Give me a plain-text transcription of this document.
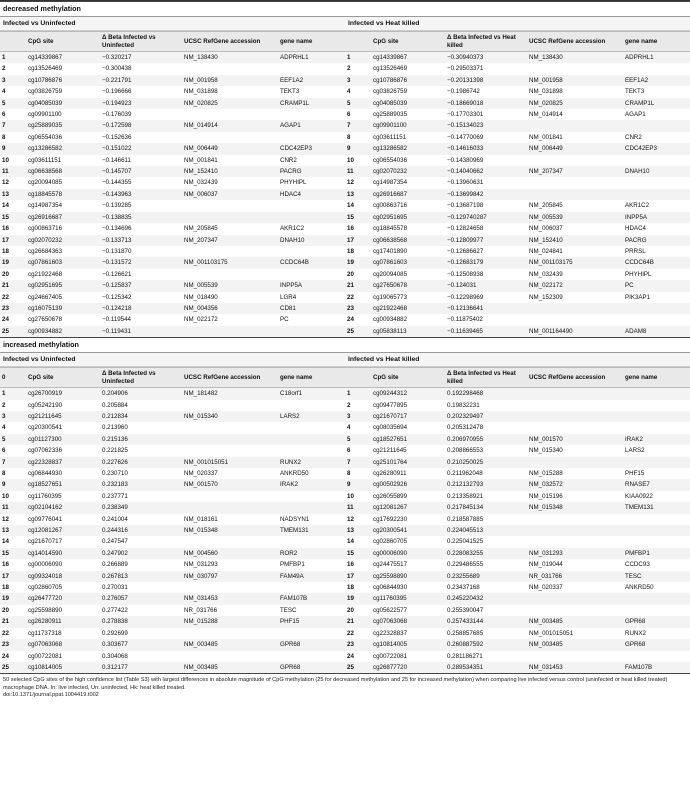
decreased methylation
Infected vs Uninfected	Infected vs Heat killed
	CpG site	Δ Beta Infected vs Uninfected	UCSC RefGene accession	gene name
1	cg14339867	−0.320217	NM_138430	ADPRHL1
2	cg13526469	−0.300438		
3	cg10786876	−0.221791	NM_001958	EEF1A2
4	cg03826759	−0.196666	NM_031898	TEKT3
5	cg04085039	−0.194923	NM_020825	CRAMP1L
6	cg09901100	−0.176039		
7	cg25889035	−0.172598	NM_014914	AGAP1
8	cg06554036	−0.152636		
9	cg13286582	−0.151022	NM_006449	CDC42EP3
10	cg03611151	−0.146611	NM_001841	CNR2
11	cg06638568	−0.145707	NM_152410	PACRG
12	cg20094085	−0.144355	NM_032439	PHYHIPL
13	cg18845578	−0.143963	NM_006037	HDAC4
14	cg14987354	−0.139285		
15	cg26916687	−0.138835		
16	cg00863716	−0.134696	NM_205845	AKR1C2
17	cg02070232	−0.133713	NM_207347	DNAH10
18	cg26684363	−0.131870		
19	cg07861603	−0.131572	NM_001103175	CCDC64B
20	cg21922468	−0.126621		
21	cg02951695	−0.125837	NM_005539	INPP5A
22	cg24667405	−0.125342	NM_018490	LGR4
23	cg16075139	−0.124218	NM_004356	CD81
24	cg27650678	−0.119544	NM_022172	PC
25	cg00934882	−0.119431		
	CpG site	Δ Beta Infected vs Heat killed	UCSC RefGene accession	gene name
1	cg14339867	−0.30940373	NM_138430	ADPRHL1
2	cg13526469	−0.29503371		
3	cg10786876	−0.20131398	NM_001958	EEF1A2
4	cg03826759	−0.1986742	NM_031898	TEKT3
5	cg04085039	−0.18669018	NM_020825	CRAMP1L
6	cg25889035	−0.17703301	NM_014914	AGAP1
7	cg09901100	−0.15134023		
8	cg03611151	−0.14770069	NM_001841	CNR2
9	cg13286582	−0.14616033	NM_006449	CDC42EP3
10	cg06554036	−0.14380969		
11	cg02070232	−0.14040662	NM_207347	DNAH10
12	cg14987354	−0.13960631		
13	cg26916687	−0.13699842		
14	cg00863716	−0.13687198	NM_205845	AKR1C2
15	cg02951695	−0.129740287	NM_005539	INPP5A
16	cg18845578	−0.12824658	NM_006037	HDAC4
17	cg06638568	−0.12809977	NM_152410	PACRG
18	cg17401890	−0.12686627	NM_024841	PRRSL
19	cg07861603	−0.12683179	NM_001103175	CCDC64B
20	cg20094085	−0.12508938	NM_032439	PHYHIPL
21	cg27650678	−0.124031	NM_022172	PC
22	cg19065773	−0.12298969	NM_152309	PIK3AP1
23	cg21922468	−0.12136641		
24	cg00934882	−0.11875402		
25	cg05838113	−0.11639465	NM_001164490	ADAM8
increased methylation
Infected vs Uninfected	Infected vs Heat killed
0	CpG site	Δ Beta Infected vs Uninfected	UCSC RefGene accession	gene name
1	cg26700919	0.204906	NM_181482	C18orf1
2	cg05242190	0.205884		
3	cg21211645	0.212834	NM_015340	LARS2
4	cg20300541	0.213960		
5	cg01127300	0.215136		
6	cg07062336	0.221825		
7	cg22328837	0.227626	NM_001015051	RUNX2
8	cg06844930	0.230710	NM_020337	ANKRD50
9	cg18527651	0.232183	NM_001570	IRAK2
10	cg11760395	0.237771		
11	cg02104162	0.238349		
12	cg09776041	0.241004	NM_018161	NADSYN1
13	cg12081267	0.244316	NM_015348	TMEM131
14	cg21670717	0.247547		
15	cg14014590	0.247902	NM_004560	ROR2
16	cg00006090	0.266889	NM_031293	PMFBP1
17	cg09324018	0.267813	NM_030797	FAM49A
18	cg02860705	0.270031		
19	cg26477720	0.276057	NM_031453	FAM107B
20	cg25598890	0.277422	NR_031766	TESC
21	cg26280911	0.278838	NM_015288	PHF15
22	cg11737318	0.292699		
23	cg07063068	0.303677	NM_003485	GPR68
24	cg00722081	0.304068		
25	cg10814005	0.312177	NM_003485	GPR68
	CpG site	Δ Beta Infected vs Heat killed	UCSC RefGene accession	gene name
1	cg09244312	0.192298468		
2	cg09477895	0.19832231		
3	cg21670717	0.202329497		
4	cg08035694	0.205312478		
5	cg18527651	0.206970955	NM_001570	IRAK2
6	cg21211645	0.208866553	NM_015340	LARS2
7	cg25101764	0.210250025		
8	cg26280911	0.211962048	NM_015288	PHF15
9	cg00502926	0.212132793	NM_032572	RNASE7
10	cg26055899	0.213358921	NM_015196	KIAA0922
11	cg12081267	0.217845134	NM_015348	TMEM131
12	cg17692230	0.218587885		
13	cg20300541	0.224045513		
14	cg02860705	0.225041525		
15	cg00006090	0.228083255	NM_031293	PMFBP1
16	cg24475517	0.229486555	NM_019044	CCDC93
17	cg25598890	0.23255689	NR_031766	TESC
18	cg06844930	0.23437168	NM_020337	ANKRD50
19	cg11760395	0.245220432		
20	cg05622577	0.255390047		
21	cg07063068	0.257433144	NM_003485	GPR68
22	cg22328837	0.258857685	NM_001015051	RUNX2
23	cg10814005	0.260887592	NM_003485	GPR68
24	cg00722081	0.281186271		
25	cg26877720	0.289534351	NM_031453	FAM107B
50 selected CpG sites of the high confidence list (Table S3) with largest differences in absolute magnitude of CpG methylation (25 for decreased methylation and 25 for increased methylation) when comparing live infected versus control (uninfected or heat killed treated) macrophage DNA. In: live infected, Un: uninfected, Hk: heat killed treated.
doi:10.1371/journal.ppat.1004419.t002
